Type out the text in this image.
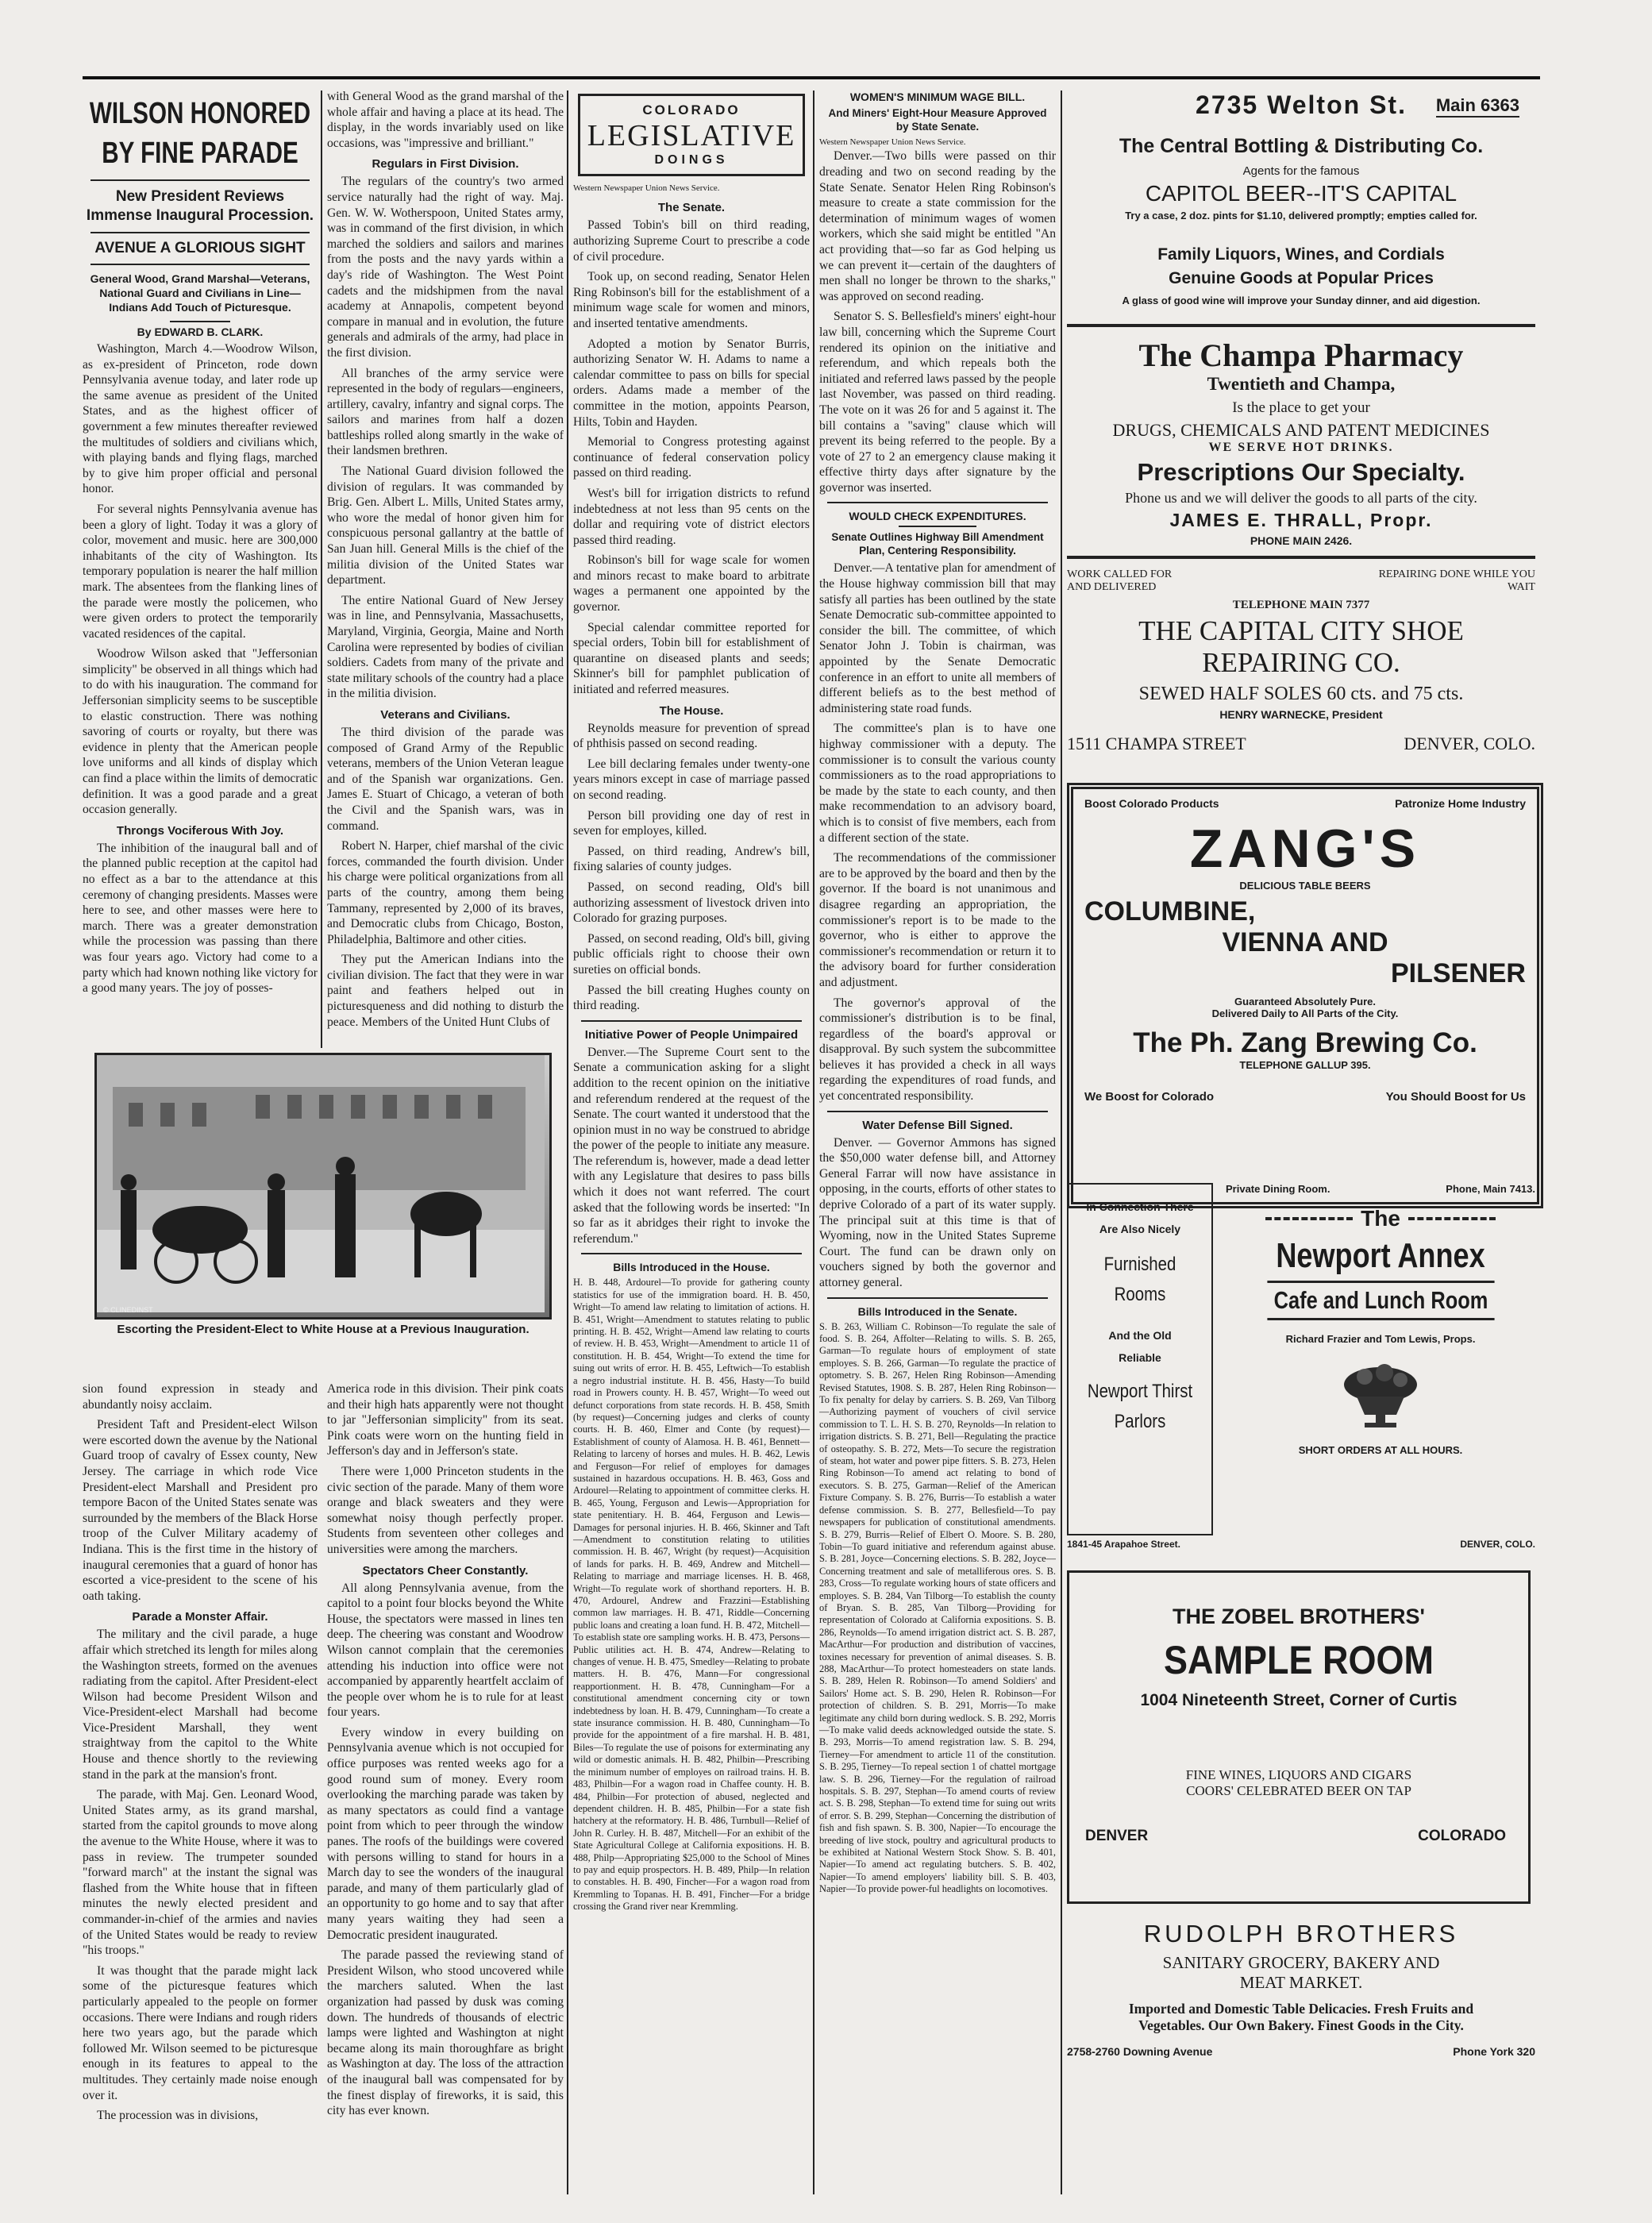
WILSON HONORED BY FINE PARADE
New President Reviews Immense Inaugural Procession.
AVENUE A GLORIOUS SIGHT
General Wood, Grand Marshal—Veterans, National Guard and Civilians in Line—Indians Add Touch of Picturesque.
By EDWARD B. CLARK.

Washington, March 4.—Woodrow Wilson, as ex-president of Princeton, rode down Pennsylvania avenue today, and later rode up the same avenue as president of the United States, and as the highest officer of government a few minutes thereafter reviewed the multitudes of soldiers and civilians which, with playing bands and flying flags, marched by to give him proper official and personal honor.

For several nights Pennsylvania avenue has been a glory of light. Today it was a glory of color, movement and music. here are 300,000 inhabitants of the city of Washington. Its temporary population is nearer the half million mark. The absentees from the flanking lines of the parade were mostly the policemen, who were given orders to protect the temporarily vacated residences of the capital.

Woodrow Wilson asked that "Jeffersonian simplicity" be observed in all things which had to do with his inauguration. The command for Jeffersonian simplicity seems to be susceptible to elastic construction. There was nothing savoring of courts or royalty, but there was evidence in plenty that the American people love uniforms and all kinds of display which can find a place within the limits of democratic definition. It was a good parade and a great occasion generally.

Throngs Vociferous With Joy.

The inhibition of the inaugural ball and of the planned public reception at the capitol had no effect as a bar to the attendance at this ceremony of changing presidents. Masses were here to see, and other masses were here to march. There was a greater demonstration while the procession was passing than there was four years ago. Victory had come to a party which had known nothing like victory for a good many years. The joy of posses-

with General Wood as the grand marshal of the whole affair and having a place at its head. The display, in the words invariably used on like occasions, was "impressive and brilliant."

Regulars in First Division.

The regulars of the country's two armed service naturally had the right of way. Maj. Gen. W. W. Wotherspoon, United States army, was in command of the first division, in which marched the soldiers and sailors and marines from the posts and the navy yards within a day's ride of Washington. The West Point cadets and the midshipmen from the naval academy at Annapolis, competent beyond compare in manual and in evolution, the future generals and admirals of the army, had place in the first division.

All branches of the army service were represented in the body of regulars—engineers, artillery, cavalry, infantry and signal corps. The sailors and marines from half a dozen battleships rolled along smartly in the wake of their landsmen brethren.

The National Guard division followed the division of regulars. It was commanded by Brig. Gen. Albert L. Mills, United States army, who wore the medal of honor given him for conspicuous personal gallantry at the battle of San Juan hill. General Mills is the chief of the militia division of the United States war department.

The entire National Guard of New Jersey was in line, and Pennsylvania, Massachusetts, Maryland, Virginia, Georgia, Maine and North Carolina were represented by bodies of civilian soldiers. Cadets from many of the private and state military schools of the country had a place in the militia division.

Veterans and Civilians.

The third division of the parade was composed of Grand Army of the Republic veterans, members of the Union Veteran league and of the Spanish war organizations. Gen. James E. Stuart of Chicago, a veteran of both the Civil and the Spanish wars, was in command.

Robert N. Harper, chief marshal of the civic forces, commanded the fourth division. Under his charge were political organizations from all parts of the country, among them being Tammany, represented by 2,000 of its braves, and Democratic clubs from Chicago, Boston, Philadelphia, Baltimore and other cities.

They put the American Indians into the civilian division. The fact that they were in war paint and feathers helped out in picturesqueness and did nothing to disturb the peace. Members of the United Hunt Clubs of

© CLINEDINST
Escorting the President-Elect to White House at a Previous Inauguration.

sion found expression in steady and abundantly noisy acclaim.

President Taft and President-elect Wilson were escorted down the avenue by the National Guard troop of cavalry of Essex county, New Jersey. The carriage in which rode Vice President-elect Marshall and President pro tempore Bacon of the United States senate was surrounded by the members of the Black Horse troop of the Culver Military academy of Indiana. This is the first time in the history of inaugural ceremonies that a guard of honor has escorted a vice-president to the scene of his oath taking.

Parade a Monster Affair.

The military and the civil parade, a huge affair which stretched its length for miles along the Washington streets, formed on the avenues radiating from the capitol. After President-elect Wilson had become President Wilson and Vice-President-elect Marshall had become Vice-President Marshall, they went straightway from the capitol to the White House and thence shortly to the reviewing stand in the park at the mansion's front.

The parade, with Maj. Gen. Leonard Wood, United States army, as its grand marshal, started from the capitol grounds to move along the avenue to the White House, where it was to pass in review. The trumpeter sounded "forward march" at the instant the signal was flashed from the White house that in fifteen minutes the newly elected president and commander-in-chief of the armies and navies of the United States would be ready to review "his troops."

It was thought that the parade might lack some of the picturesque features which particularly appealed to the people on former occasions. There were Indians and rough riders here two years ago, but the parade which followed Mr. Wilson seemed to be picturesque enough in its features to appeal to the multitudes. They certainly made noise enough over it.

The procession was in divisions,

America rode in this division. Their pink coats and their high hats apparently were not thought to jar "Jeffersonian simplicity" from its seat. Pink coats were worn on the hunting field in Jefferson's day and in Jefferson's state.

There were 1,000 Princeton students in the civic section of the parade. Many of them wore orange and black sweaters and they were somewhat noisy though perfectly proper. Students from seventeen other colleges and universities were among the marchers.

Spectators Cheer Constantly.

All along Pennsylvania avenue, from the capitol to a point four blocks beyond the White House, the spectators were massed in lines ten deep. The cheering was constant and Woodrow Wilson cannot complain that the ceremonies attending his induction into office were not accompanied by apparently heartfelt acclaim of the people over whom he is to rule for at least four years.

Every window in every building on Pennsylvania avenue which is not occupied for office purposes was rented weeks ago for a good round sum of money. Every room overlooking the marching parade was taken by as many spectators as could find a vantage point from which to peer through the window panes. The roofs of the buildings were covered with persons willing to stand for hours in a March day to see the wonders of the inaugural parade, and many of them particularly glad of an opportunity to go home and to say that after many years waiting they had seen a Democratic president inaugurated.

The parade passed the reviewing stand of President Wilson, who stood uncovered while the marchers saluted. When the last organization had passed by dusk was coming down. The hundreds of thousands of electric lamps were lighted and Washington at night became along its main thoroughfare as bright as Washington at day. The loss of the attraction of the inaugural ball was compensated for by the finest display of fireworks, it is said, this city has ever known.

COLORADO
LEGISLATIVE
DOINGS
Western Newspaper Union News Service.
The Senate.

Passed Tobin's bill on third reading, authorizing Supreme Court to prescribe a code of civil procedure.

Took up, on second reading, Senator Helen Ring Robinson's bill for the establishment of a minimum wage scale for women and minors, and inserted tentative amendments.

Adopted a motion by Senator Burris, authorizing Senator W. H. Adams to name a calendar committee to pass on bills for special orders. Adams made a member of the committee in the motion, appoints Pearson, Hilts, Tobin and Hayden.

Memorial to Congress protesting against continuance of federal conservation policy passed on third reading.

West's bill for irrigation districts to refund indebtedness at not less than 95 cents on the dollar and requiring vote of district electors passed third reading.

Robinson's bill for wage scale for women and minors recast to make board to arbitrate wages a permanent one appointed by the governor.

Special calendar committee reported for special orders, Tobin bill for establishment of quarantine on diseased plants and seeds; Skinner's bill for pamphlet publication of initiated and referred measures.

The House.

Reynolds measure for prevention of spread of phthisis passed on second reading.

Lee bill declaring females under twenty-one years minors except in case of marriage passed on second reading.

Person bill providing one day of rest in seven for employes, killed.

Passed, on third reading, Andrew's bill, fixing salaries of county judges.

Passed, on second reading, Old's bill authorizing assessment of livestock driven into Colorado for grazing purposes.

Passed, on second reading, Old's bill, giving public officials right to choose their own sureties on official bonds.

Passed the bill creating Hughes county on third reading.

Initiative Power of People Unimpaired

Denver.—The Supreme Court sent to the Senate a communication asking for a slight addition to the recent opinion on the initiative and referendum rendered at the request of the Senate. The court wanted it understood that the opinion must in no way be construed to abridge the power of the people to initiate any measure. The referendum is, however, made a dead letter with any Legislature that desires to pass bills which it does not want referred. The court asked that the following words be inserted: "In so far as it abridges their right to invoke the referendum."

Bills Introduced in the House.

H. B. 448, Ardourel—To provide for gathering county statistics for use of the immigration board. H. B. 450, Wright—To amend law relating to limitation of actions. H. B. 451, Wright—Amendment to statutes relating to public printing. H. B. 452, Wright—Amend law relating to courts of review. H. B. 453, Wright—Amendment to article 11 of constitution. H. B. 454, Wright—To extend the time for suing out writs of error. H. B. 455, Leftwich—To establish a negro industrial institute. H. B. 456, Hasty—To build road in Prowers county. H. B. 457, Wright—To weed out defunct corporations from state records. H. B. 458, Smith (by request)—Concerning judges and clerks of county courts. H. B. 460, Elmer and Conte (by request)—Establishment of county of Alamosa. H. B. 461, Bennett—Relating to larceny of horses and mules. H. B. 462, Lewis and Ferguson—For relief of employes for damages sustained in hazardous occupations. H. B. 463, Goss and Ardourel—Relating to appointment of committee clerks. H. B. 465, Young, Ferguson and Lewis—Appropriation for state penitentiary. H. B. 464, Ferguson and Lewis—Damages for personal injuries. H. B. 466, Skinner and Taft—Amendment to constitution relating to utilities commission. H. B. 467, Wright (by request)—Acquisition of lands for parks. H. B. 469, Andrew and Mitchell—Relating to marriage and marriage licenses. H. B. 468, Wright—To regulate work of shorthand reporters. H. B. 470, Ardourel, Andrew and Frazzini—Establishing common law marriages. H. B. 471, Riddle—Concerning public loans and creating a loan fund. H. B. 472, Mitchell—To establish state ore sampling works. H. B. 473, Persons—Public utilities act. H. B. 474, Andrew—Relating to changes of venue. H. B. 475, Smedley—Relating to probate matters. H. B. 476, Mann—For congressional reapportionment. H. B. 478, Cunningham—For a constitutional amendment concerning city or town indebtedness by loan. H. B. 479, Cunningham—To create a state insurance commission. H. B. 480, Cunningham—To provide for the appointment of a fire marshal. H. B. 481, Biles—To regulate the use of poisons for exterminating any wild or domestic animals. H. B. 482, Philbin—Prescribing the minimum number of employes on railroad trains. H. B. 483, Philbin—For a wagon road in Chaffee county. H. B. 484, Philbin—For protection of abused, neglected and dependent children. H. B. 485, Philbin—For a state fish hatchery at the reformatory. H. B. 486, Turnbull—Relief of John R. Curley. H. B. 487, Mitchell—For an exhibit of the State Agricultural College at California expositions. H. B. 488, Philp—Appropriating $25,000 to the School of Mines to pay and equip prospectors. H. B. 489, Philp—In relation to constables. H. B. 490, Fincher—For a wagon road from Kremmling to Topanas. H. B. 491, Fincher—For a bridge crossing the Grand river near Kremmling.

WOMEN'S MINIMUM WAGE BILL.
And Miners' Eight-Hour Measure Approved by State Senate.
Western Newspaper Union News Service.

Denver.—Two bills were passed on thir dreading and two on second reading by the State Senate. Senator Helen Ring Robinson's measure to create a state commission for the determination of minimum wages of women workers, which she said might be entitled "An act providing that—so far as God helping us we can prevent it—certain of the daughters of men shall no longer be thrown to the sharks," was approved on second reading.

Senator S. S. Bellesfield's miners' eight-hour law bill, concerning which the Supreme Court rendered its opinion on the initiative and referendum, and which repeals both the initiated and referred laws passed by the people last November, was passed on third reading. The vote on it was 26 for and 5 against it. The bill contains a "saving" clause which will prevent its being referred to the people. By a vote of 27 to 2 an emergency clause making it effective thirty days after signature by the governor was inserted.

WOULD CHECK EXPENDITURES.
Senate Outlines Highway Bill Amendment Plan, Centering Responsibility.

Denver.—A tentative plan for amendment of the House highway commission bill that may satisfy all parties has been outlined by the state Senate Democratic sub-committee appointed to consider the bill. The committee, of which Senator John J. Tobin is chairman, was appointed by the Senate Democratic conference in an effort to unite all members of different beliefs as to the best method of administering state road funds.

The committee's plan is to have one highway commissioner with a deputy. The commissioner is to consult the various county commissioners as to the road appropriations to be made by the state to each county, and then make recommendation to an advisory board, which is to consist of five members, each from a different section of the state.

The recommendations of the commissioner are to be approved by the board and then by the governor. If the board is not unanimous and disagree regarding an appropriation, the commissioner's report is to be made to the governor, who is either to approve the commissioner's recommendation or return it to the advisory board for further consideration and adjustment.

The governor's approval of the commissioner's distribution is to be final, regardless of the board's approval or disapproval. By such system the subcommittee believes it has provided a check in all ways regarding the expenditures of road funds, and yet concentrated responsibility.

Water Defense Bill Signed.

Denver. — Governor Ammons has signed the $50,000 water defense bill, and Attorney General Farrar will now have assistance in opposing, in the courts, efforts of other states to deprive Colorado of a part of its water supply. The principal suit at this time is that of Wyoming, now in the United States Supreme Court. The fund can be drawn only on vouchers signed by both the governor and attorney general.

Bills Introduced in the Senate.

S. B. 263, William C. Robinson—To regulate the sale of food. S. B. 264, Affolter—Relating to wills. S. B. 265, Garman—To regulate hours of employment of state employes. S. B. 266, Garman—To regulate the practice of optometry. S. B. 267, Helen Ring Robinson—Amending Revised Statutes, 1908. S. B. 287, Helen Ring Robinson—To fix penalty for delay by carriers. S. B. 269, Van Tilborg—Authorizing payment of vouchers of civil service commission to T. L. H. S. B. 270, Reynolds—In relation to irrigation districts. S. B. 271, Bell—Regulating the practice of osteopathy. S. B. 272, Mets—To secure the registration of steam, hot water and power pipe fitters. S. B. 273, Helen Ring Robinson—To amend act relating to bond of executors. S. B. 275, Garman—Relief of the American Fixture Company. S. B. 276, Burris—To establish a water defense commission. S. B. 277, Bellesfield—To pay newspapers for publication of constitutional amendments. S. B. 279, Burris—Relief of Elbert O. Moore. S. B. 280, Tobin—To guard initiative and referendum against abuse. S. B. 281, Joyce—Concerning elections. S. B. 282, Joyce—Concerning treatment and sale of metalliferous ores. S. B. 283, Cross—To regulate working hours of state officers and employes. S. B. 284, Van Tilborg—To establish the county of Bryan. S. B. 285, Van Tilborg—Providing for representation of Colorado at California expositions. S. B. 286, Reynolds—To amend irrigation district act. S. B. 287, MacArthur—For production and distribution of vaccines, toxines necessary for prevention of animal diseases. S. B. 288, MacArthur—To protect homesteaders on state lands. S. B. 289, Helen R. Robinson—To amend Soldiers' and Sailors' Home act. S. B. 290, Helen R. Robinson—For protection of children. S. B. 291, Morris—To make legitimate any child born during wedlock. S. B. 292, Morris—To make valid deeds acknowledged outside the state. S. B. 293, Morris—To amend registration law. S. B. 294, Tierney—For amendment to article 11 of the constitution. S. B. 295, Tierney—To repeal section 1 of chattel mortgage law. S. B. 296, Tierney—For the regulation of railroad hospitals. S. B. 297, Stephan—To amend courts of review act. S. B. 298, Stephan—To extend time for suing out writs of error. S. B. 299, Stephan—Concerning the distribution of fish and fish spawn. S. B. 300, Napier—To encourage the breeding of live stock, poultry and agricultural products to be exhibited at National Western Stock Show. S. B. 401, Napier—To amend act regulating butchers. S. B. 402, Napier—To amend employers' liability bill. S. B. 403, Napier—To provide power-ful headlights on locomotives.

2735 Welton St. Main 6363
The Central Bottling & Distributing Co.
Agents for the famous
CAPITOL BEER--IT'S CAPITAL
Try a case, 2 doz. pints for $1.10, delivered promptly; empties called for.
Family Liquors, Wines, and Cordials
Genuine Goods at Popular Prices
A glass of good wine will improve your Sunday dinner, and aid digestion.
The Champa Pharmacy
Twentieth and Champa,
Is the place to get your
DRUGS, CHEMICALS AND PATENT MEDICINES
WE SERVE HOT DRINKS.
Prescriptions Our Specialty.
Phone us and we will deliver the goods to all parts of the city.
JAMES E. THRALL, Propr.
PHONE MAIN 2426.
WORK CALLED FOR AND DELIVERED
REPAIRING DONE WHILE YOU WAIT
TELEPHONE MAIN 7377
THE CAPITAL CITY SHOE
REPAIRING CO.
SEWED HALF SOLES 60 cts. and 75 cts.
HENRY WARNECKE, President
1511 CHAMPA STREET	DENVER, COLO.
Boost Colorado Products	Patronize Home Industry
ZANG'S
DELICIOUS TABLE BEERS
COLUMBINE,
VIENNA AND
PILSENER
Guaranteed Absolutely Pure.
Delivered Daily to All Parts of the City.
The Ph. Zang Brewing Co.
TELEPHONE GALLUP 395.
We Boost for Colorado	You Should Boost for Us
In Connection There Are Also Nicely
Furnished Rooms
And the Old Reliable
Newport Thirst Parlors
Private Dining Room.	Phone, Main 7413.
The
Newport Annex
Cafe and Lunch Room
Richard Frazier and Tom Lewis, Props.
SHORT ORDERS AT ALL HOURS.
1841-45 Arapahoe Street.	DENVER, COLO.
THE ZOBEL BROTHERS'
SAMPLE ROOM
1004 Nineteenth Street, Corner of Curtis
FINE WINES, LIQUORS AND CIGARS
COORS' CELEBRATED BEER ON TAP
DENVER	COLORADO
RUDOLPH BROTHERS
SANITARY GROCERY, BAKERY AND
MEAT MARKET.
Imported and Domestic Table Delicacies. Fresh Fruits and
Vegetables. Our Own Bakery. Finest Goods in the City.
2758-2760 Downing Avenue	Phone York 320
